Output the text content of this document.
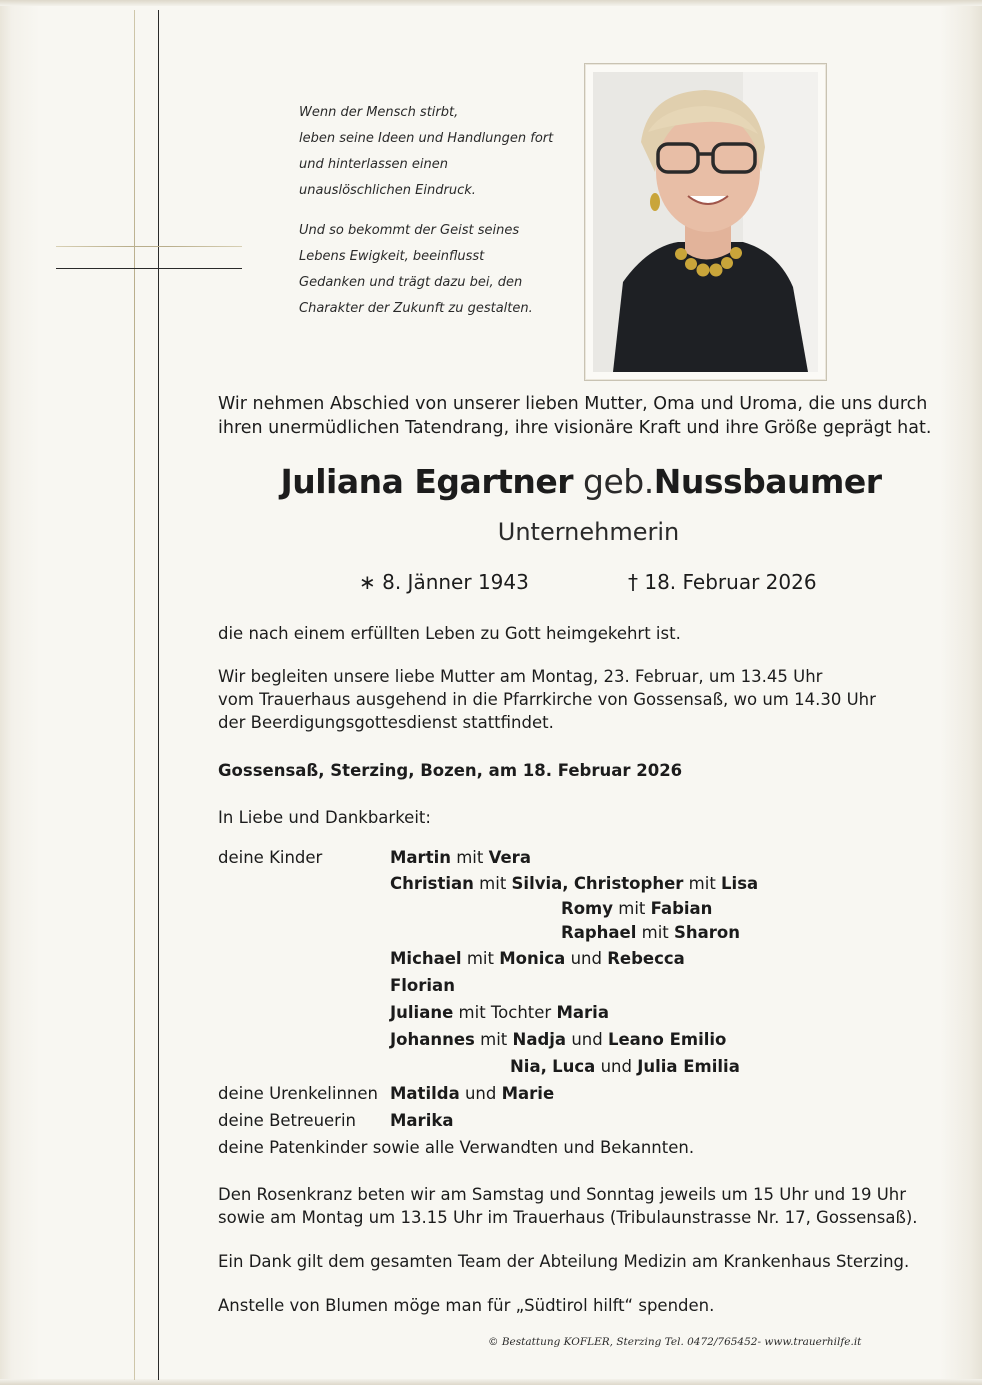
Wenn der Mensch stirbt,
leben seine Ideen und Handlungen fort
und hinterlassen einen
unauslöschlichen Eindruck.

Und so bekommt der Geist seines
Lebens Ewigkeit, beeinflusst
Gedanken und trägt dazu bei, den
Charakter der Zukunft zu gestalten.

Wir nehmen Abschied von unserer lieben Mutter, Oma und Uroma, die uns durch
ihren unermüdlichen Tatendrang, ihre visionäre Kraft und ihre Größe geprägt hat.
Juliana Egartner geb.Nussbaumer
Unternehmerin
∗ 8. Jänner 1943	† 18. Februar 2026
die nach einem erfüllten Leben zu Gott heimgekehrt ist.
Wir begleiten unsere liebe Mutter am Montag, 23. Februar, um 13.45 Uhr
vom Trauerhaus ausgehend in die Pfarrkirche von Gossensaß, wo um 14.30 Uhr
der Beerdigungsgottesdienst stattfindet.
Gossensaß, Sterzing, Bozen, am 18. Februar 2026
In Liebe und Dankbarkeit:
deine Kinder	Martin mit Vera
Christian mit Silvia, Christopher mit Lisa
Romy mit Fabian
Raphael mit Sharon
Michael mit Monica und Rebecca
Florian
Juliane mit Tochter Maria
Johannes mit Nadja und Leano Emilio
Nia, Luca und Julia Emilia
deine Urenkelinnen Matilda und Marie
deine Betreuerin Marika
deine Patenkinder sowie alle Verwandten und Bekannten.
Den Rosenkranz beten wir am Samstag und Sonntag jeweils um 15 Uhr und 19 Uhr
sowie am Montag um 13.15 Uhr im Trauerhaus (Tribulaunstrasse Nr. 17, Gossensaß).
Ein Dank gilt dem gesamten Team der Abteilung Medizin am Krankenhaus Sterzing.
Anstelle von Blumen möge man für „Südtirol hilft“ spenden.
© Bestattung KOFLER, Sterzing Tel. 0472/765452- www.trauerhilfe.it
